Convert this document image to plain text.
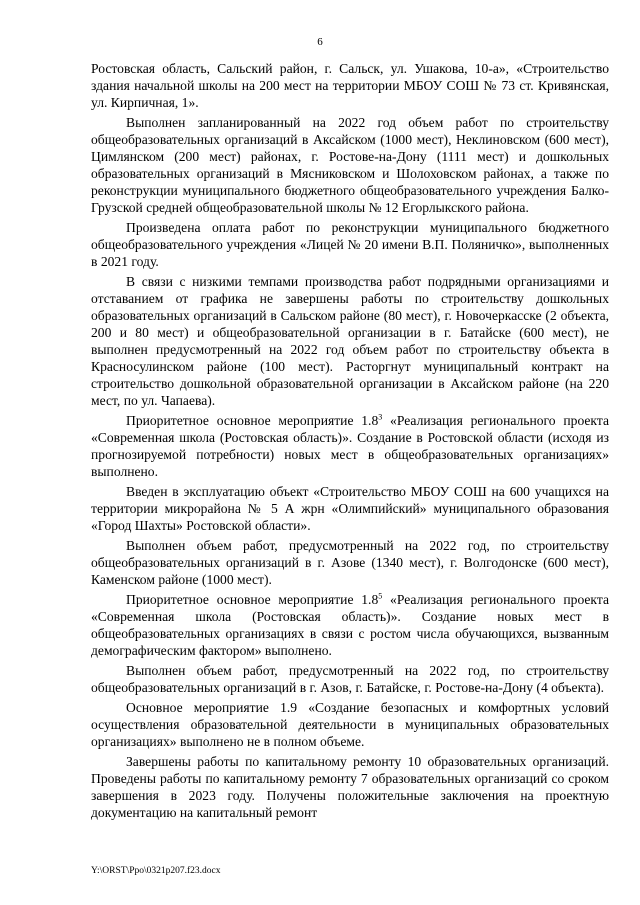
6

Ростовская область, Сальский район, г. Сальск, ул. Ушакова, 10-а», «Строительство здания начальной школы на 200 мест на территории МБОУ СОШ № 73 ст. Кривянская, ул. Кирпичная, 1».

Выполнен запланированный на 2022 год объем работ по строительству общеобразовательных организаций в Аксайском (1000 мест), Неклиновском (600 мест), Цимлянском (200 мест) районах, г. Ростове-на-Дону (1111 мест) и дошкольных образовательных организаций в Мясниковском и Шолоховском районах, а также по реконструкции муниципального бюджетного общеобразовательного учреждения Балко-Грузской средней общеобразовательной школы № 12 Егорлыкского района.

Произведена оплата работ по реконструкции муниципального бюджетного общеобразовательного учреждения «Лицей № 20 имени В.П. Поляничко», выполненных в 2021 году.

В связи с низкими темпами производства работ подрядными организациями и отставанием от графика не завершены работы по строительству дошкольных образовательных организаций в Сальском районе (80 мест), г. Новочеркасске (2 объекта, 200 и 80 мест) и общеобразовательной организации в г. Батайске (600 мест), не выполнен предусмотренный на 2022 год объем работ по строительству объекта в Красносулинском районе (100 мест). Расторгнут муниципальный контракт на строительство дошкольной образовательной организации в Аксайском районе (на 220 мест, по ул. Чапаева).

Приоритетное основное мероприятие $1.8^3$ «Реализация регионального проекта «Современная школа (Ростовская область)». Создание в Ростовской области (исходя из прогнозируемой потребности) новых мест в общеобразовательных организациях» выполнено.

Введен в эксплуатацию объект «Строительство МБОУ СОШ на 600 учащихся на территории микрорайона № 5 А жрн «Олимпийский» муниципального образования «Город Шахты» Ростовской области».

Выполнен объем работ, предусмотренный на 2022 год, по строительству общеобразовательных организаций в г. Азове (1340 мест), г. Волгодонске (600 мест), Каменском районе (1000 мест).

Приоритетное основное мероприятие $1.8^5$ «Реализация регионального проекта «Современная школа (Ростовская область)». Создание новых мест в общеобразовательных организациях в связи с ростом числа обучающихся, вызванным демографическим фактором» выполнено.

Выполнен объем работ, предусмотренный на 2022 год, по строительству общеобразовательных организаций в г. Азов, г. Батайске, г. Ростове-на-Дону (4 объекта).

Основное мероприятие 1.9 «Создание безопасных и комфортных условий осуществления образовательной деятельности в муниципальных образовательных организациях» выполнено не в полном объеме.

Завершены работы по капитальному ремонту 10 образовательных организаций. Проведены работы по капитальному ремонту 7 образовательных организаций со сроком завершения в 2023 году. Получены положительные заключения на проектную документацию на капитальный ремонт

Y:\ORST\Ppo\0321p207.f23.docx
